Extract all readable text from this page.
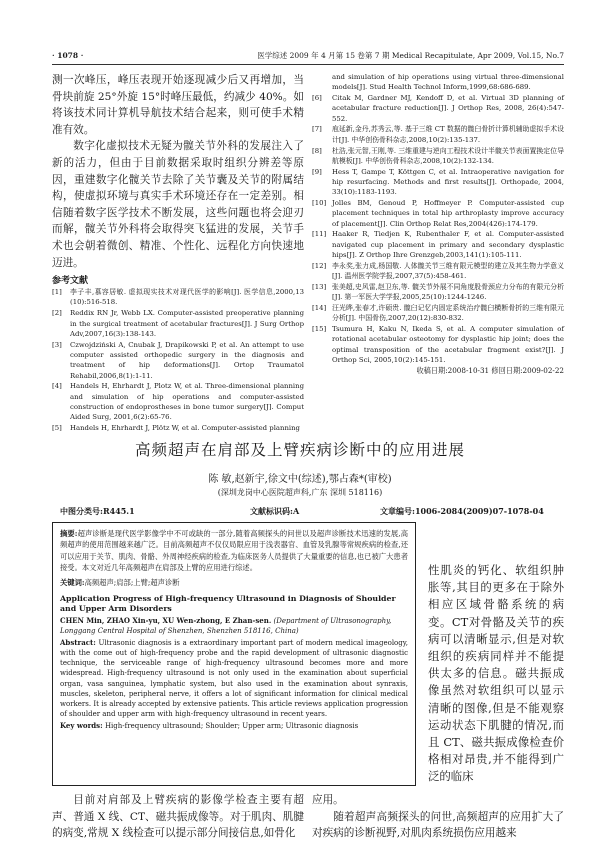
· 1078 ·	医学综述 2009 年 4 月第 15 卷第 7 期 Medical Recapitulate, Apr 2009, Vol.15, No.7

测一次峰压，峰压表现开始逐现减少后又再增加，当骨块前旋 25°外旋 15°时峰压最低，约减少 40%。如将该技术同计算机导航技术结合起来，则可使手术精准有效。

数字化虚拟技术无疑为髋关节外科的发展注入了新的活力，但由于目前数据采取时组织分辨差等原因，重建数字化髋关节去除了关节囊及关节的附属结构，使虚拟环境与真实手术环境还存在一定差别。相信随着数字医学技术不断发展，这些问题也将会迎刃而解，髋关节外科将会取得突飞猛进的发展，关节手术也会朝着微创、精准、个性化、远程化方向快速地迈进。

参考文献
[1] 李子丰,慕容居敏. 虚拟现实技术对现代医学的影响[J]. 医学信息,2000,13 (10):516-518.
[2] Reddix RN Jr, Webb LX. Computer-assisted preoperative planning in the surgical treatment of acetabular fractures[J]. J Surg Orthop Adv,2007,16(3):138-143.
[3] Czwojdziński A, Cnubak J, Drapikowski P, et al. An attempt to use computer assisted orthopedic surgery in the diagnosis and treatment of hip deformations[J]. Ortop Traumatol Rehabil,2006,8(1):1-11.
[4] Handels H, Ehrhardt J, Plotz W, et al. Three-dimensional planning and simulation of hip operations and computer-assisted construction of endoprostheses in bone tumor surgery[J]. Comput Aided Surg, 2001,6(2):65-76.
[5] Handels H, Ehrhardt J, Plötz W, et al. Computer-assisted planning
and simulation of hip operations using virtual three-dimensional models[J]. Stud Health Technol Inform,1999,68:686-689.
[6] Citak M, Gardner MJ, Kendoff D, et al. Virtual 3D planning of acetabular fracture reduction[J]. J Orthop Res, 2008, 26(4):547-552.
[7] 庖延新,金丹,苏秀云,等. 基于三维 CT 数据的髋臼骨折计算机辅助虚拟手术设计[J]. 中华创伤骨科杂志,2008,10(2):135-137.
[8] 杜浩,张元智,王刚,等. 三维重建与逆向工程技术设计半髋关节表面置换定位导航模板[J]. 中华创伤骨科杂志,2008,10(2):132-134.
[9] Hess T, Gampe T, Köttgen C, et al. Intraoperative navigation for hip resurfacing. Methods and first results[J]. Orthopade, 2004, 33(10):1183-1193.
[10] Jolles BM, Genoud P, Hoffmeyer P. Computer-assisted cup placement techniques in total hip arthroplasty improve accuracy of placement[J]. Clin Orthop Relat Res,2004(426):174-179.
[11] Haaker R, Tiedjen K, Rubenthaler F, et al. Computer-assisted navigated cup placement in primary and secondary dysplastic hips[J]. Z Orthop Ihre Grenzgeb,2003,141(1):105-111.
[12] 李永奖,张力成,杨国敬. 人体髋关节三维有限元模型的建立及其生物力学意义[J]. 温州医学院学报,2007,37(5):458-461.
[13] 张美超,史风雷,赵卫东,等. 髋关节外展不同角度股骨颈应力分布的有限元分析[J]. 第一军医大学学报,2005,25(10):1244-1246.
[14] 汪光晔,张春才,许硕贵. 髋臼记忆内固定系统治疗髋臼横断骨折的三维有限元分析[J]. 中国骨伤,2007,20(12):830-832.
[15] Tsumura H, Kaku N, Ikeda S, et al. A computer simulation of rotational acetabular osteotomy for dysplastic hip joint; does the optimal transposition of the acetabular fragment exist?[J]. J Orthop Sci, 2005,10(2):145-151.
收稿日期:2008-10-31 修回日期:2009-02-22
高频超声在肩部及上臂疾病诊断中的应用进展
陈 敏,赵新宇,徐文中(综述),鄂占森*(审校)
(深圳龙岗中心医院超声科,广东 深圳 518116)
中图分类号:R445.1	文献标识码:A	文章编号:1006-2084(2009)07-1078-04

摘要:超声诊断是现代医学影像学中不可或缺的一部分,随着高频探头的问世以及超声诊断技术迅速的发展,高频超声的使用范围越来越广泛。目前高频超声不仅仅局限应用于浅表器官、血管及乳腺等常规疾病的检查,还可以应用于关节、肌肉、骨骼、外周神经疾病的检查,为临床医务人员提供了大量重要的信息,也已被广大患者接受。本文对近几年高频超声在肩部及上臂的应用进行综述。

关键词:高频超声;肩部;上臂;超声诊断

Application Progress of High-frequency Ultrasound in Diagnosis of Shoulder and Upper Arm Disorders

CHEN Min, ZHAO Xin-yu, XU Wen-zhong, E Zhan-sen. (Department of Ultrasonography, Longgang Central Hospital of Shenzhen, Shenzhen 518116, China)

Abstract: Ultrasonic diagnosis is a extraordinary important part of modern medical imageology, with the come out of high-frequency probe and the rapid development of ultrasonic diagnostic technique, the serviceable range of high-frequency ultrasound becomes more and more widespread. High-frequency ultrasound is not only used in the examination about superficial organ, vasa sanguinea, lymphatic system, but also used in the examination about synraxis, muscles, skeleton, peripheral nerve, it offers a lot of significant information for clinical medical workers. It is already accepted by extensive patients. This article reviews application progression of shoulder and upper arm with high-frequency ultrasound in recent years.

Key words: High-frequency ultrasound; Shoulder; Upper arm; Ultrasonic diagnosis

性肌炎的钙化、软组织肿胀等,其目的更多在于除外相应区域骨骼系统的病变。CT对骨骼及关节的疾病可以清晰显示,但是对软组织的疾病同样并不能提供太多的信息。磁共振成像虽然对软组织可以显示清晰的图像,但是不能观察运动状态下肌腱的情况,而且 CT、磁共振成像检查价格相对昂贵,并不能得到广泛的临床

目前对肩部及上臂疾病的影像学检查主要有超声、普通 X 线、CT、磁共振成像等。对于肌肉、肌腱的病变,常规 X 线检查可以提示部分间接信息,如骨化

应用。

随着超声高频探头的问世,高频超声的应用扩大了对疾病的诊断视野,对肌肉系统损伤应用越来
